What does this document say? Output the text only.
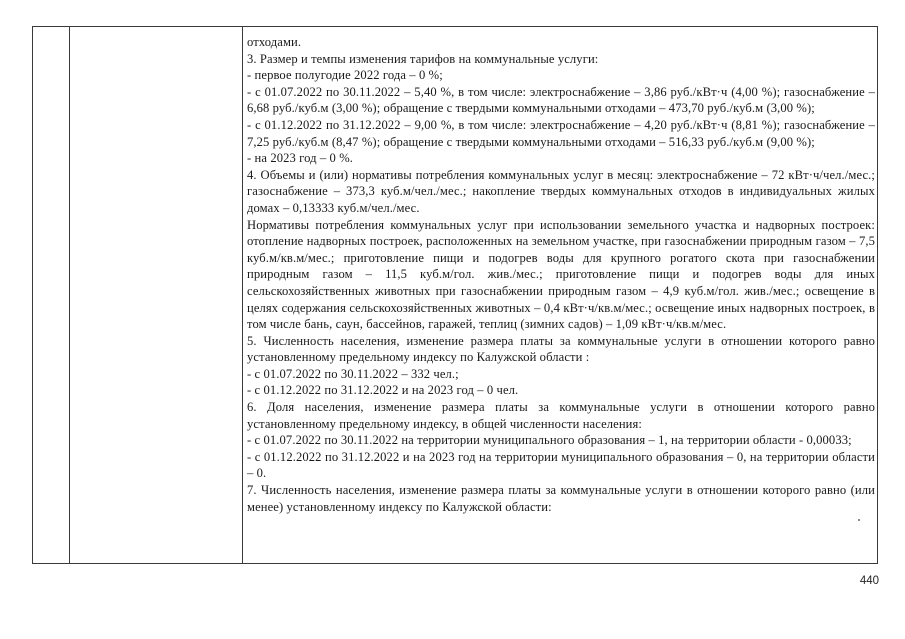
отходами.

3. Размер и темпы изменения тарифов на коммунальные услуги:

- первое полугодие 2022 года – 0 %;

- с 01.07.2022 по 30.11.2022 – 5,40 %, в том числе: электроснабжение – 3,86 руб./кВт·ч (4,00 %); газоснабжение – 6,68 руб./куб.м (3,00 %); обращение с твердыми коммунальными отходами – 473,70 руб./куб.м (3,00 %);

- с 01.12.2022 по 31.12.2022 – 9,00 %, в том числе: электроснабжение – 4,20 руб./кВт·ч (8,81 %); газоснабжение – 7,25 руб./куб.м (8,47 %); обращение с твердыми коммунальными отходами – 516,33 руб./куб.м (9,00 %);

- на 2023 год – 0 %.

4. Объемы и (или) нормативы потребления коммунальных услуг в месяц: электроснабжение – 72 кВт·ч/чел./мес.; газоснабжение – 373,3 куб.м/чел./мес.; накопление твердых коммунальных отходов в индивидуальных жилых домах – 0,13333 куб.м/чел./мес.

Нормативы потребления коммунальных услуг при использовании земельного участка и надворных построек: отопление надворных построек, расположенных на земельном участке, при газоснабжении природным газом – 7,5 куб.м/кв.м/мес.; приготовление пищи и подогрев воды для крупного рогатого скота при газоснабжении природным газом – 11,5 куб.м/гол. жив./мес.; приготовление пищи и подогрев воды для иных сельскохозяйственных животных при газоснабжении природным газом – 4,9 куб.м/гол. жив./мес.; освещение в целях содержания сельскохозяйственных животных – 0,4 кВт·ч/кв.м/мес.; освещение иных надворных построек, в том числе бань, саун, бассейнов, гаражей, теплиц (зимних садов) – 1,09 кВт·ч/кв.м/мес.

5. Численность населения, изменение размера платы за коммунальные услуги в отношении которого равно установленному предельному индексу по Калужской области :

- с 01.07.2022 по 30.11.2022 – 332 чел.;

- с 01.12.2022 по 31.12.2022 и на 2023 год – 0 чел.

6. Доля населения, изменение размера платы за коммунальные услуги в отношении которого равно установленному предельному индексу, в общей численности населения:

- с 01.07.2022 по 30.11.2022 на территории муниципального образования – 1, на территории области - 0,00033;

- с 01.12.2022 по 31.12.2022 и на 2023 год на территории муниципального образования – 0, на территории области – 0.

7. Численность населения, изменение размера платы за коммунальные услуги в отношении которого равно (или менее) установленному индексу по Калужской области:

440
